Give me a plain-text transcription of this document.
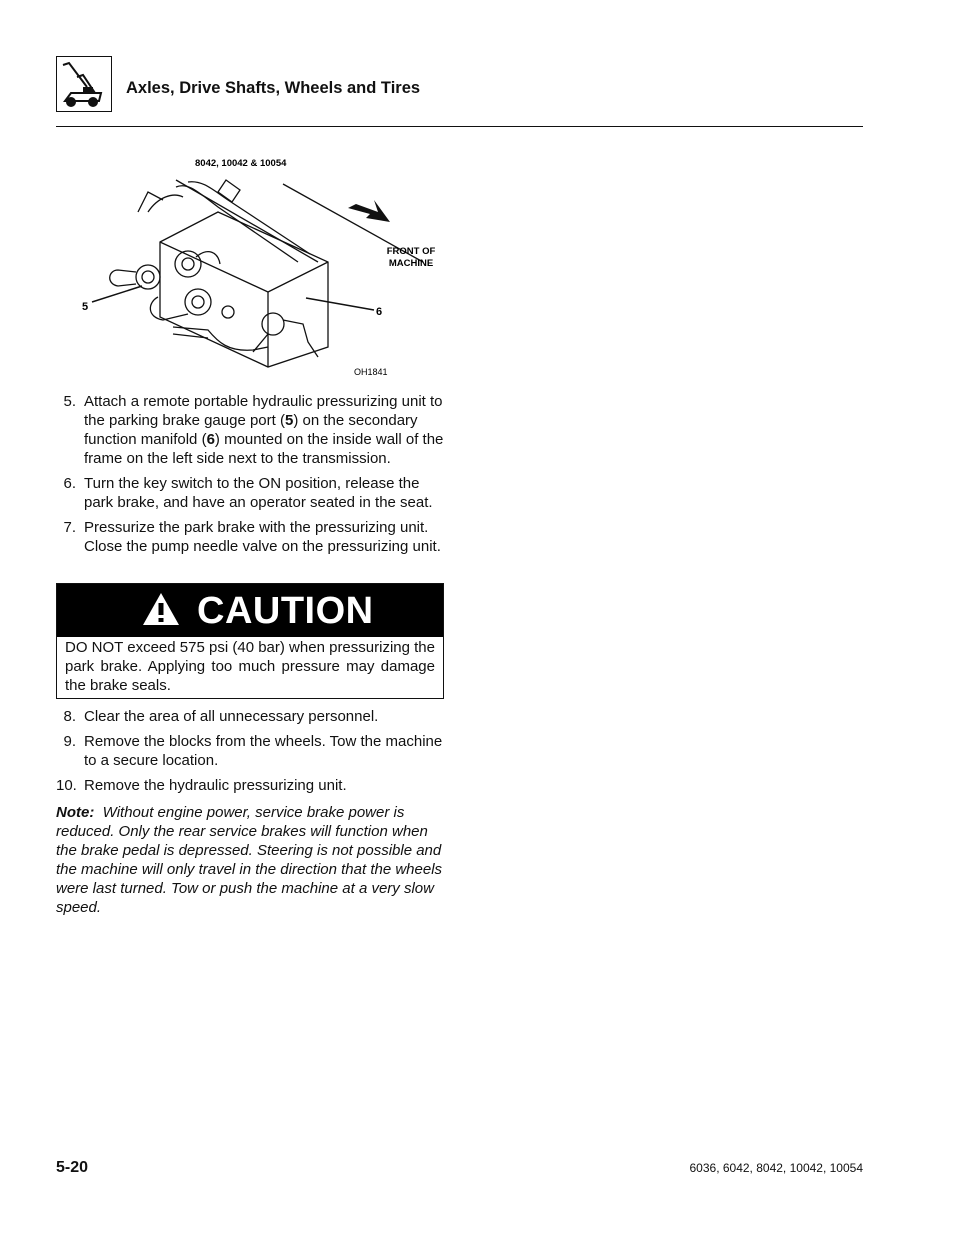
Axles, Drive Shafts, Wheels and Tires
8042, 10042 & 10054
FRONT OF
MACHINE
5	6
OH1841
5. Attach a remote portable hydraulic pressurizing unit to the parking brake gauge port (5) on the secondary function manifold (6) mounted on the inside wall of the frame on the left side next to the transmission.
6. Turn the key switch to the ON position, release the park brake, and have an operator seated in the seat.
7. Pressurize the park brake with the pressurizing unit. Close the pump needle valve on the pressurizing unit.
CAUTION
DO NOT exceed 575 psi (40 bar) when pressurizing the park brake. Applying too much pressure may damage the brake seals.
8. Clear the area of all unnecessary personnel.
9. Remove the blocks from the wheels. Tow the machine to a secure location.
10. Remove the hydraulic pressurizing unit.
Note: Without engine power, service brake power is reduced. Only the rear service brakes will function when the brake pedal is depressed. Steering is not possible and the machine will only travel in the direction that the wheels were last turned. Tow or push the machine at a very slow speed.
5-20	6036, 6042, 8042, 10042, 10054
